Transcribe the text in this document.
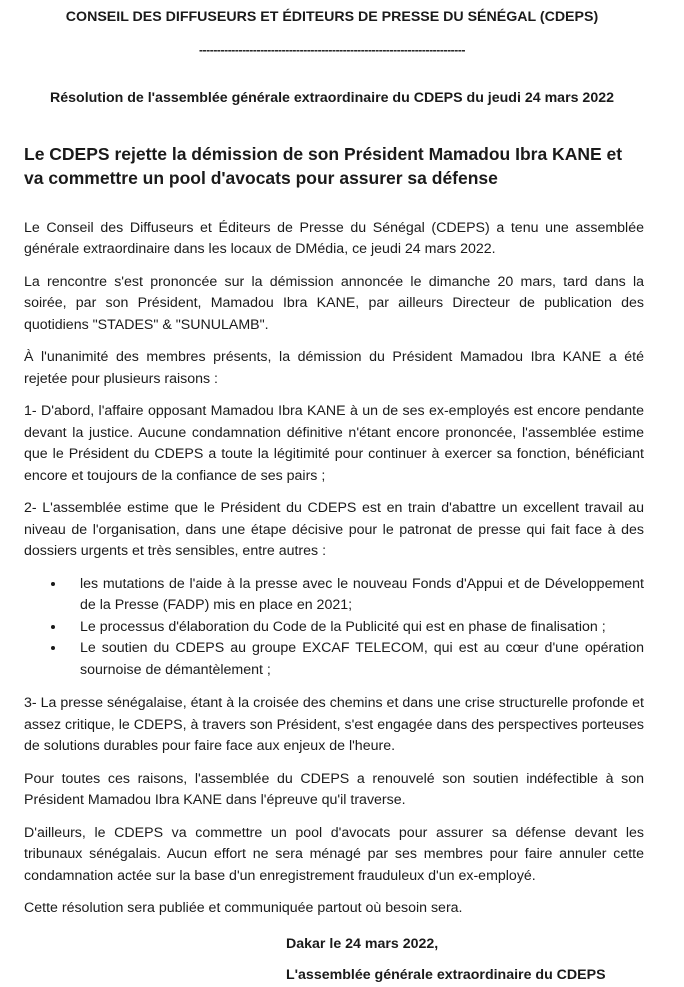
CONSEIL DES DIFFUSEURS ET ÉDITEURS DE PRESSE DU SÉNÉGAL (CDEPS)
--------------------------------------------------------------------------
Résolution de l'assemblée générale extraordinaire du CDEPS du jeudi 24 mars 2022
Le CDEPS rejette la démission de son Président Mamadou Ibra KANE et va commettre un pool d'avocats pour assurer sa défense

Le Conseil des Diffuseurs et Éditeurs de Presse du Sénégal (CDEPS) a tenu une assemblée générale extraordinaire dans les locaux de DMédia, ce jeudi 24 mars 2022.

La rencontre s'est prononcée sur la démission annoncée le dimanche 20 mars, tard dans la soirée, par son Président, Mamadou Ibra KANE, par ailleurs Directeur de publication des quotidiens "STADES" & "SUNULAMB".

À l'unanimité des membres présents, la démission du Président Mamadou Ibra KANE a été rejetée pour plusieurs raisons :

1- D'abord, l'affaire opposant Mamadou Ibra KANE à un de ses ex-employés est encore pendante devant la justice. Aucune condamnation définitive n'étant encore prononcée, l'assemblée estime que le Président du CDEPS a toute la légitimité pour continuer à exercer sa fonction, bénéficiant encore et toujours de la confiance de ses pairs ;

2- L'assemblée estime que le Président du CDEPS est en train d'abattre un excellent travail au niveau de l'organisation, dans une étape décisive pour le patronat de presse qui fait face à des dossiers urgents et très sensibles, entre autres :

• les mutations de l'aide à la presse avec le nouveau Fonds d'Appui et de Développement de la Presse (FADP) mis en place en 2021;
• Le processus d'élaboration du Code de la Publicité qui est en phase de finalisation ;
• Le soutien du CDEPS au groupe EXCAF TELECOM, qui est au cœur d'une opération sournoise de démantèlement ;

3- La presse sénégalaise, étant à la croisée des chemins et dans une crise structurelle profonde et assez critique, le CDEPS, à travers son Président, s'est engagée dans des perspectives porteuses de solutions durables pour faire face aux enjeux de l'heure.

Pour toutes ces raisons, l'assemblée du CDEPS a renouvelé son soutien indéfectible à son Président Mamadou Ibra KANE dans l'épreuve qu'il traverse.

D'ailleurs, le CDEPS va commettre un pool d'avocats pour assurer sa défense devant les tribunaux sénégalais. Aucun effort ne sera ménagé par ses membres pour faire annuler cette condamnation actée sur la base d'un enregistrement frauduleux d'un ex-employé.

Cette résolution sera publiée et communiquée partout où besoin sera.

Dakar le 24 mars 2022,
L'assemblée générale extraordinaire du CDEPS
